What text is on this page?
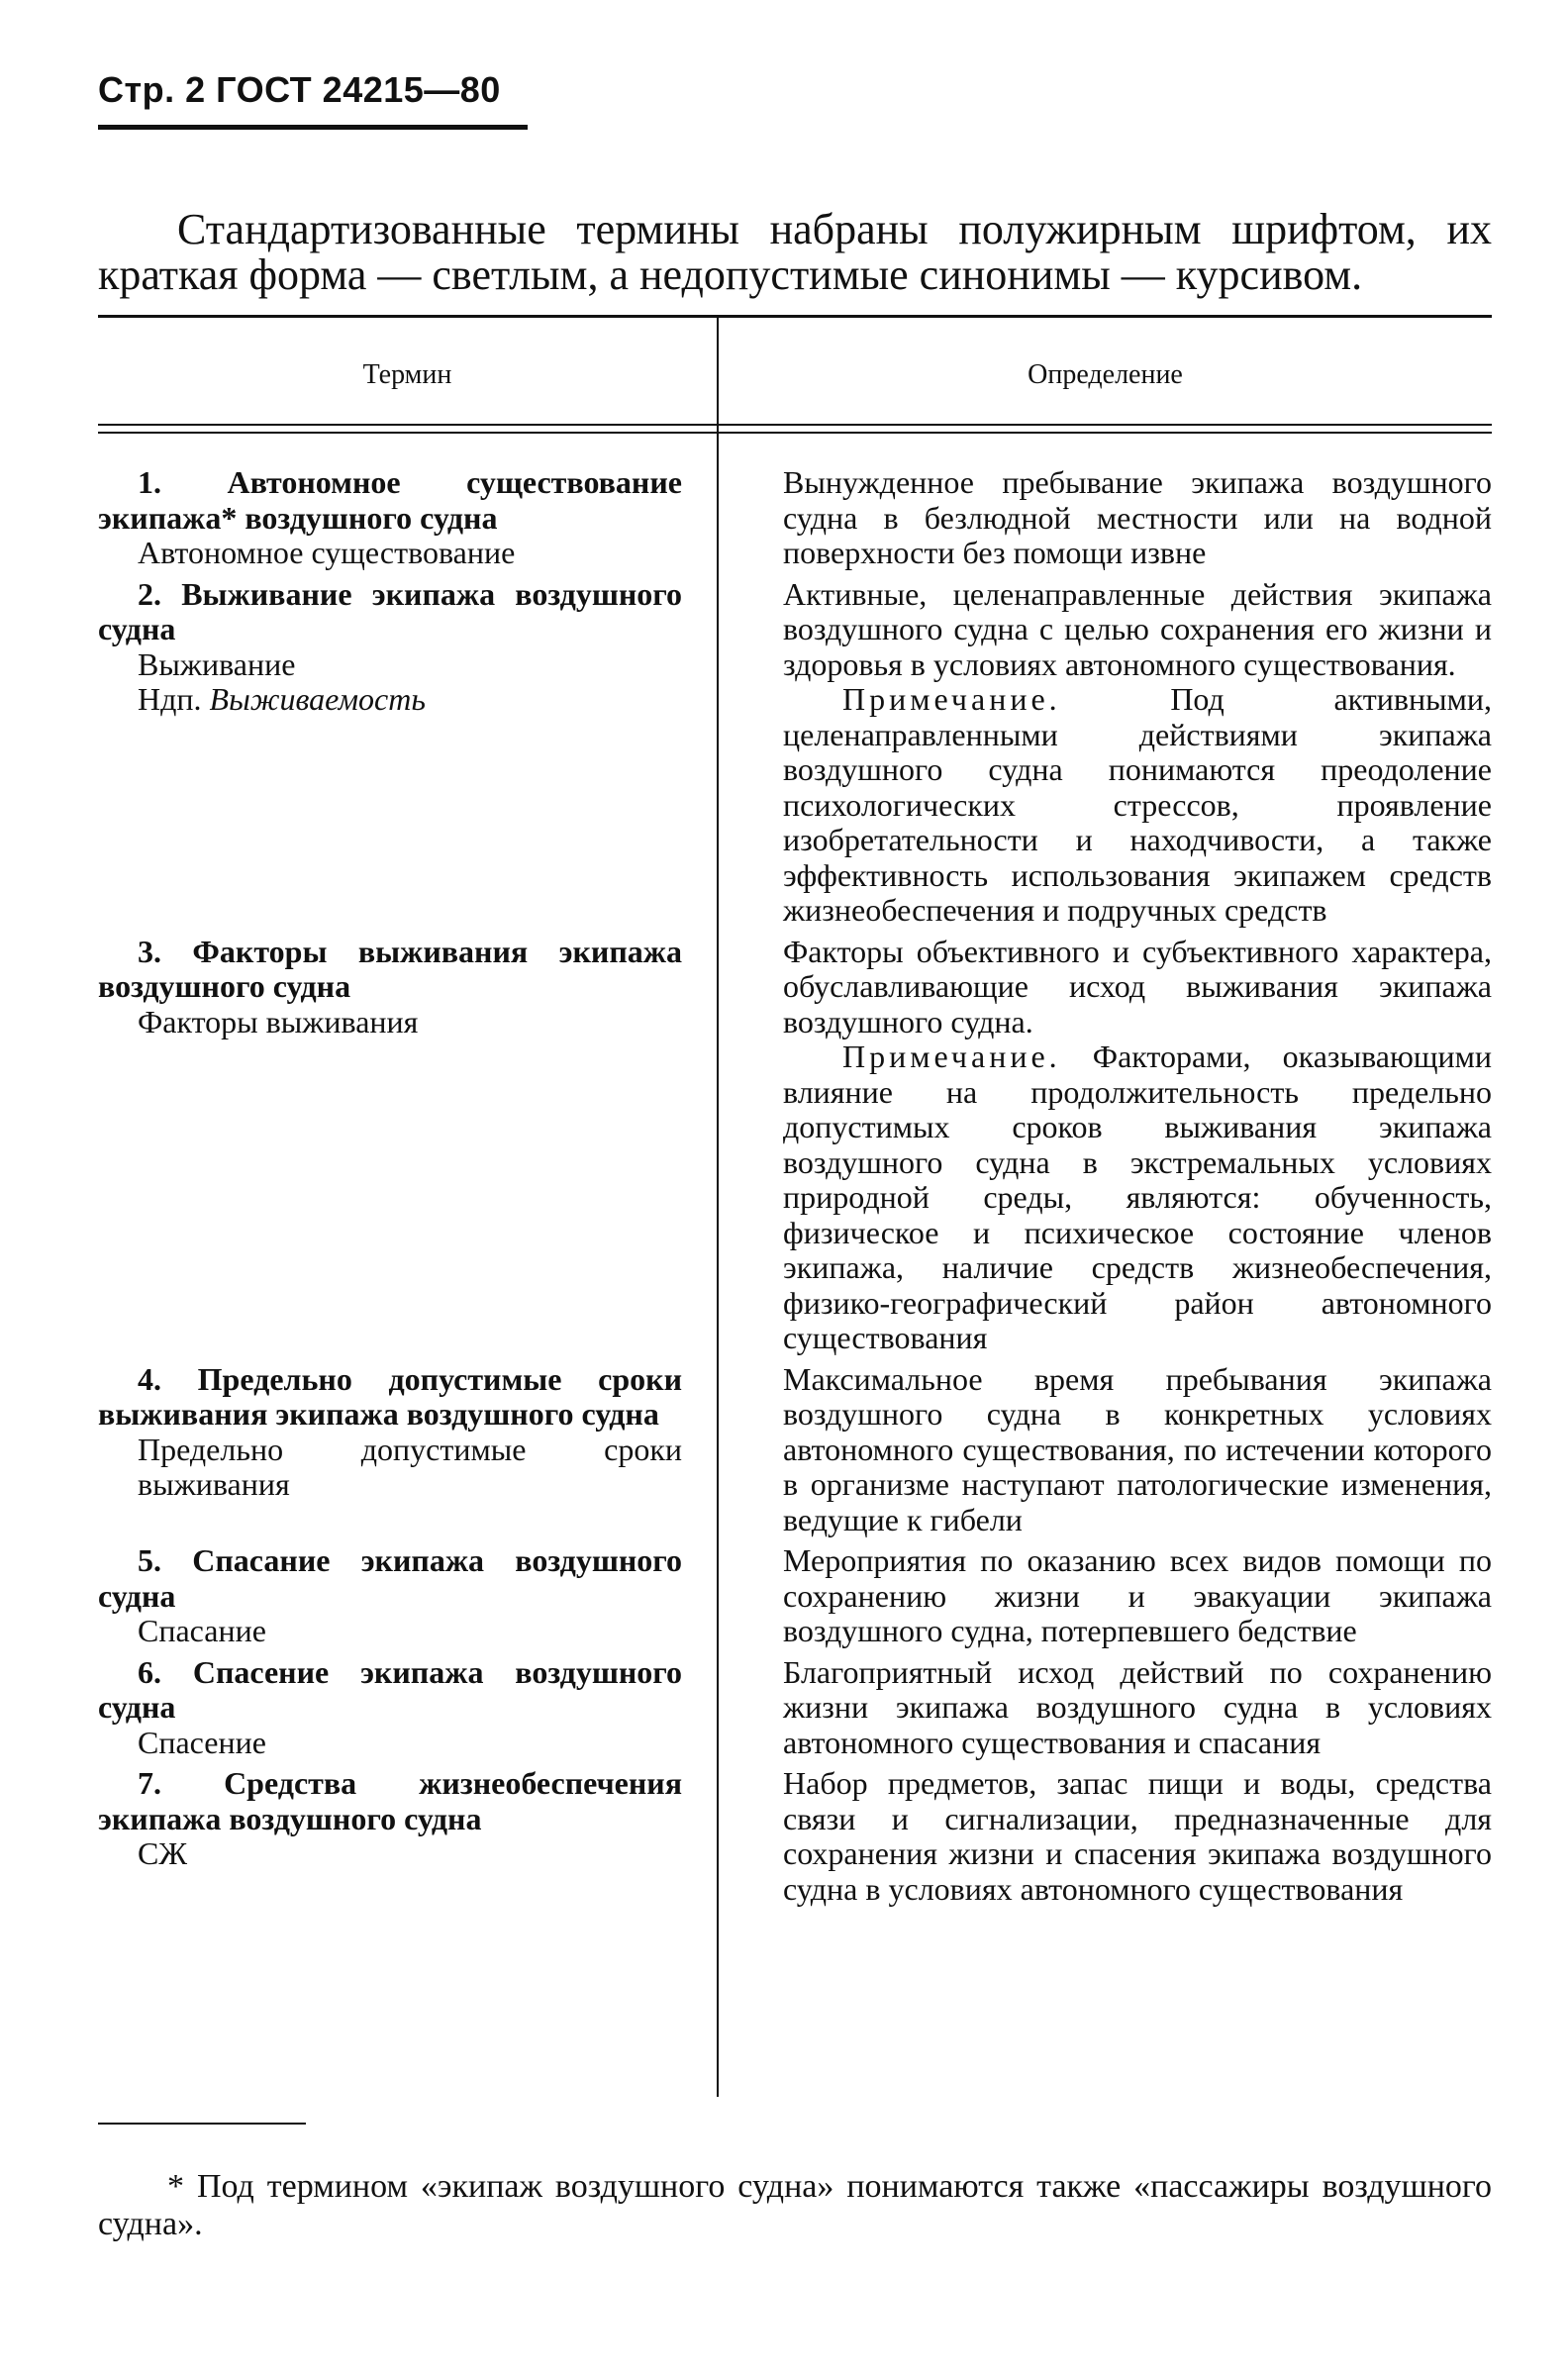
Стр. 2 ГОСТ 24215—80

Стандартизованные термины набраны полужирным шрифтом, их краткая форма — светлым, а недопустимые синонимы — курсивом.

Термин	Определение

1. Автономное существование экипажа* воздушного судна

Автономное существование

Вынужденное пребывание экипажа воздушного судна в безлюдной местности или на водной поверхности без помощи извне

2. Выживание экипажа воздушного судна

Выживание

Ндп. Выживаемость

Активные, целенаправленные действия экипажа воздушного судна с целью сохранения его жизни и здоровья в условиях автономного существования.

Примечание.	Под активными, целенаправленными действиями экипажа воздушного судна понимаются преодоление психологических стрессов, проявление изобретательности и находчивости, а также эффективность использования экипажем средств жизнеобеспечения и подручных средств

3. Факторы выживания экипажа воздушного судна

Факторы выживания

Факторы объективного и субъективного характера, обуславливающие исход выживания экипажа воздушного судна.

Примечание. Факторами, оказывающими влияние на продолжительность предельно допустимых сроков выживания экипажа воздушного судна в экстремальных условиях природной среды, являются: обученность, физическое и психическое состояние членов экипажа, наличие средств жизнеобеспечения, физико-географический район автономного существования

4. Предельно допустимые сроки выживания экипажа воздушного судна

Предельно допустимые сроки выживания

Максимальное время пребывания экипажа воздушного судна в конкретных условиях автономного существования, по истечении которого в организме наступают патологические изменения, ведущие к гибели

5. Спасание экипажа воздушного судна

Спасание

Мероприятия по оказанию всех видов помощи по сохранению жизни и эвакуации экипажа воздушного судна, потерпевшего бедствие

6. Спасение экипажа воздушного судна

Спасение

Благоприятный исход действий по сохранению жизни экипажа воздушного судна в условиях автономного существования и спасания

7. Средства жизнеобеспечения экипажа воздушного судна

СЖ

Набор предметов, запас пищи и воды, средства связи и сигнализации, предназначенные для сохранения жизни и спасения экипажа воздушного судна в условиях автономного существования

* Под термином «экипаж воздушного судна» понимаются также «пассажиры воздушного судна».
